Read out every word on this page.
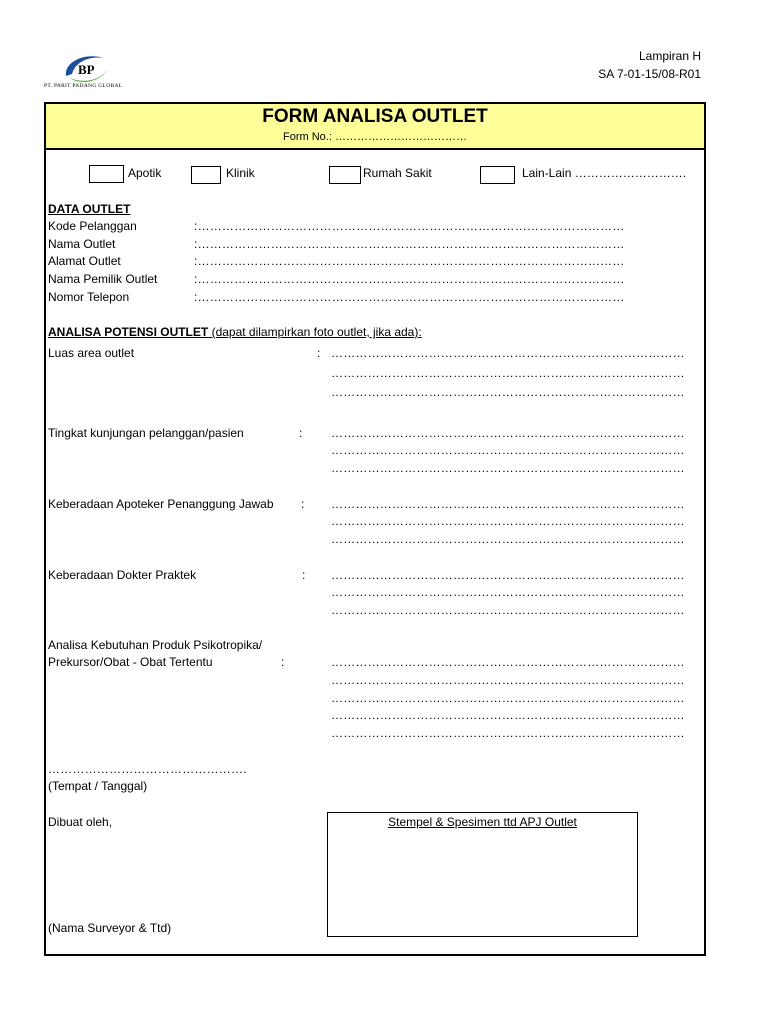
BP
PT. PARIT PADANG GLOBAL
Lampiran H
SA 7-01-15/08-R01
FORM ANALISA OUTLET
Form No.: ………………………………
Apotik	Klinik	Rumah Sakit	Lain-Lain ……………………….
DATA OUTLET
Kode Pelanggan	:……………………………………………………………………………………………
Nama Outlet	:……………………………………………………………………………………………
Alamat Outlet	:……………………………………………………………………………………………
Nama Pemilik Outlet	:……………………………………………………………………………………………
Nomor Telepon	:……………………………………………………………………………………………
ANALISA POTENSI OUTLET (dapat dilampirkan foto outlet, jika ada):
Luas area outlet	: ……………………………………………………………………………
……………………………………………………………………………
……………………………………………………………………………
Tingkat kunjungan pelanggan/pasien	: ……………………………………………………………………………
……………………………………………………………………………
……………………………………………………………………………
Keberadaan Apoteker Penanggung Jawab : ……………………………………………………………………………
……………………………………………………………………………
……………………………………………………………………………
Keberadaan Dokter Praktek	: ……………………………………………………………………………
……………………………………………………………………………
……………………………………………………………………………
Analisa Kebutuhan Produk Psikotropika/
Prekursor/Obat - Obat Tertentu	:	……………………………………………………………………………
……………………………………………………………………………
……………………………………………………………………………
……………………………………………………………………………
……………………………………………………………………………
………………………………………….
(Tempat / Tanggal)
Dibuat oleh,
(Nama Surveyor & Ttd)
Stempel & Spesimen ttd APJ Outlet
